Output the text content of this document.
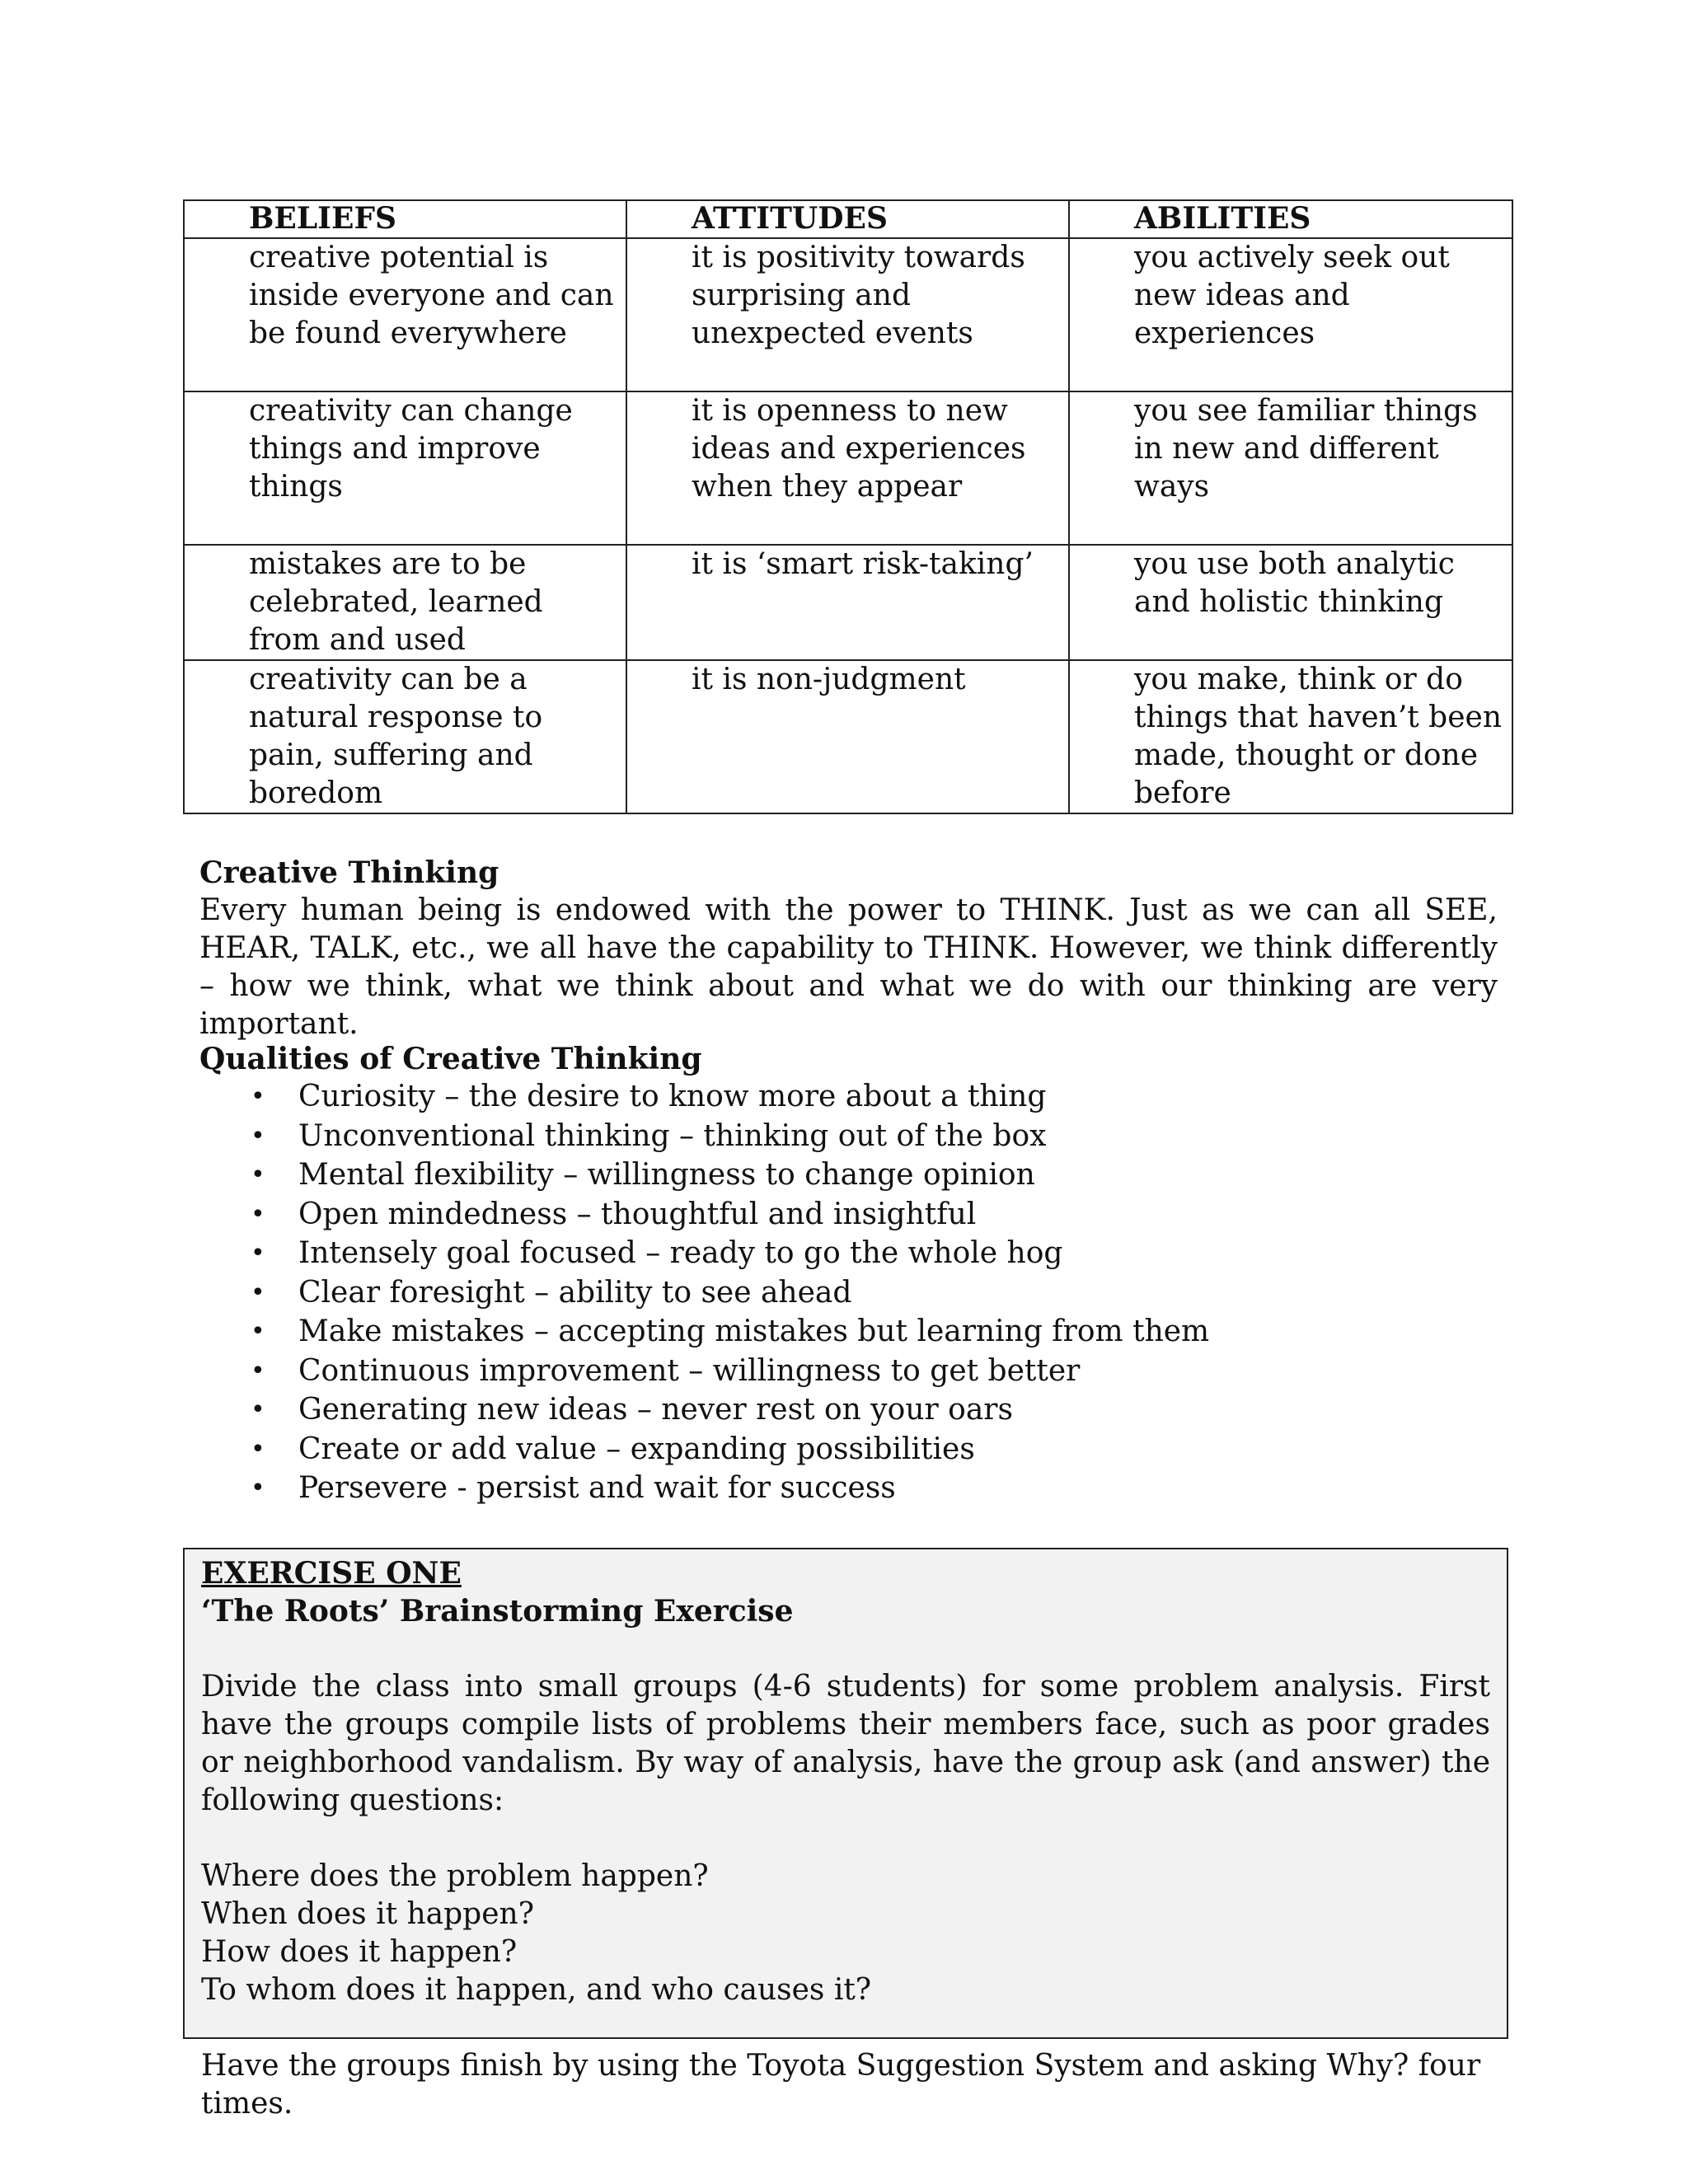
BELIEFS	ATTITUDES	ABILITIES
creative potential is inside everyone and can be found everywhere	it is positivity towards surprising and unexpected events	you actively seek out new ideas and experiences
creativity can change things and improve things	it is openness to new ideas and experiences when they appear	you see familiar things in new and different ways
mistakes are to be celebrated, learned from and used	it is ‘smart risk-taking’	you use both analytic and holistic thinking
creativity can be a natural response to pain, suffering and boredom	it is non-judgment	you make, think or do things that haven’t been made, thought or done before
Creative Thinking
Every human being is endowed with the power to THINK. Just as we can all SEE, HEAR, TALK, etc., we all have the capability to THINK. However, we think differently – how we think, what we think about and what we do with our thinking are very important.
Qualities of Creative Thinking
• Curiosity – the desire to know more about a thing
• Unconventional thinking – thinking out of the box
• Mental flexibility – willingness to change opinion
• Open mindedness – thoughtful and insightful
• Intensely goal focused – ready to go the whole hog
• Clear foresight – ability to see ahead
• Make mistakes – accepting mistakes but learning from them
• Continuous improvement – willingness to get better
• Generating new ideas – never rest on your oars
• Create or add value – expanding possibilities
• Persevere - persist and wait for success
EXERCISE ONE
‘The Roots’ Brainstorming Exercise
Divide the class into small groups (4-6 students) for some problem analysis. First have the groups compile lists of problems their members face, such as poor grades or neighborhood vandalism. By way of analysis, have the group ask (and answer) the following questions:
Where does the problem happen?
When does it happen?
How does it happen?
To whom does it happen, and who causes it?
Have the groups finish by using the Toyota Suggestion System and asking Why? four times.
